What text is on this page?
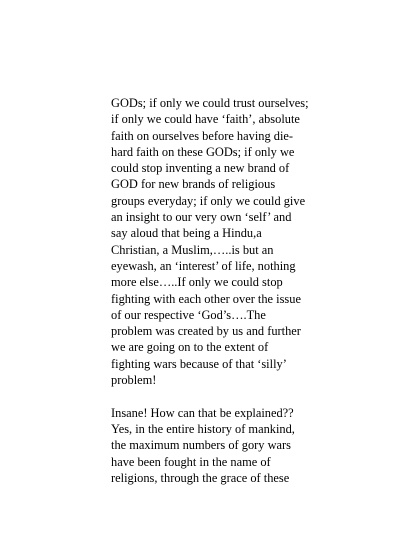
GODs; if only we could trust ourselves;
if only we could have ‘faith’, absolute
faith on ourselves before having die-
hard faith on these GODs; if only we
could stop inventing a new brand of
GOD for new brands of religious
groups everyday; if only we could give
an insight to our very own ‘self’ and
say aloud that being a Hindu,a
Christian, a Muslim,…..is but an
eyewash, an ‘interest’ of life, nothing
more else…..If only we could stop
fighting with each other over the issue
of our respective ‘God’s….The
problem was created by us and further
we are going on to the extent of
fighting wars because of that ‘silly’
problem!
Insane! How can that be explained??
Yes, in the entire history of mankind,
the maximum numbers of gory wars
have been fought in the name of
religions, through the grace of these
